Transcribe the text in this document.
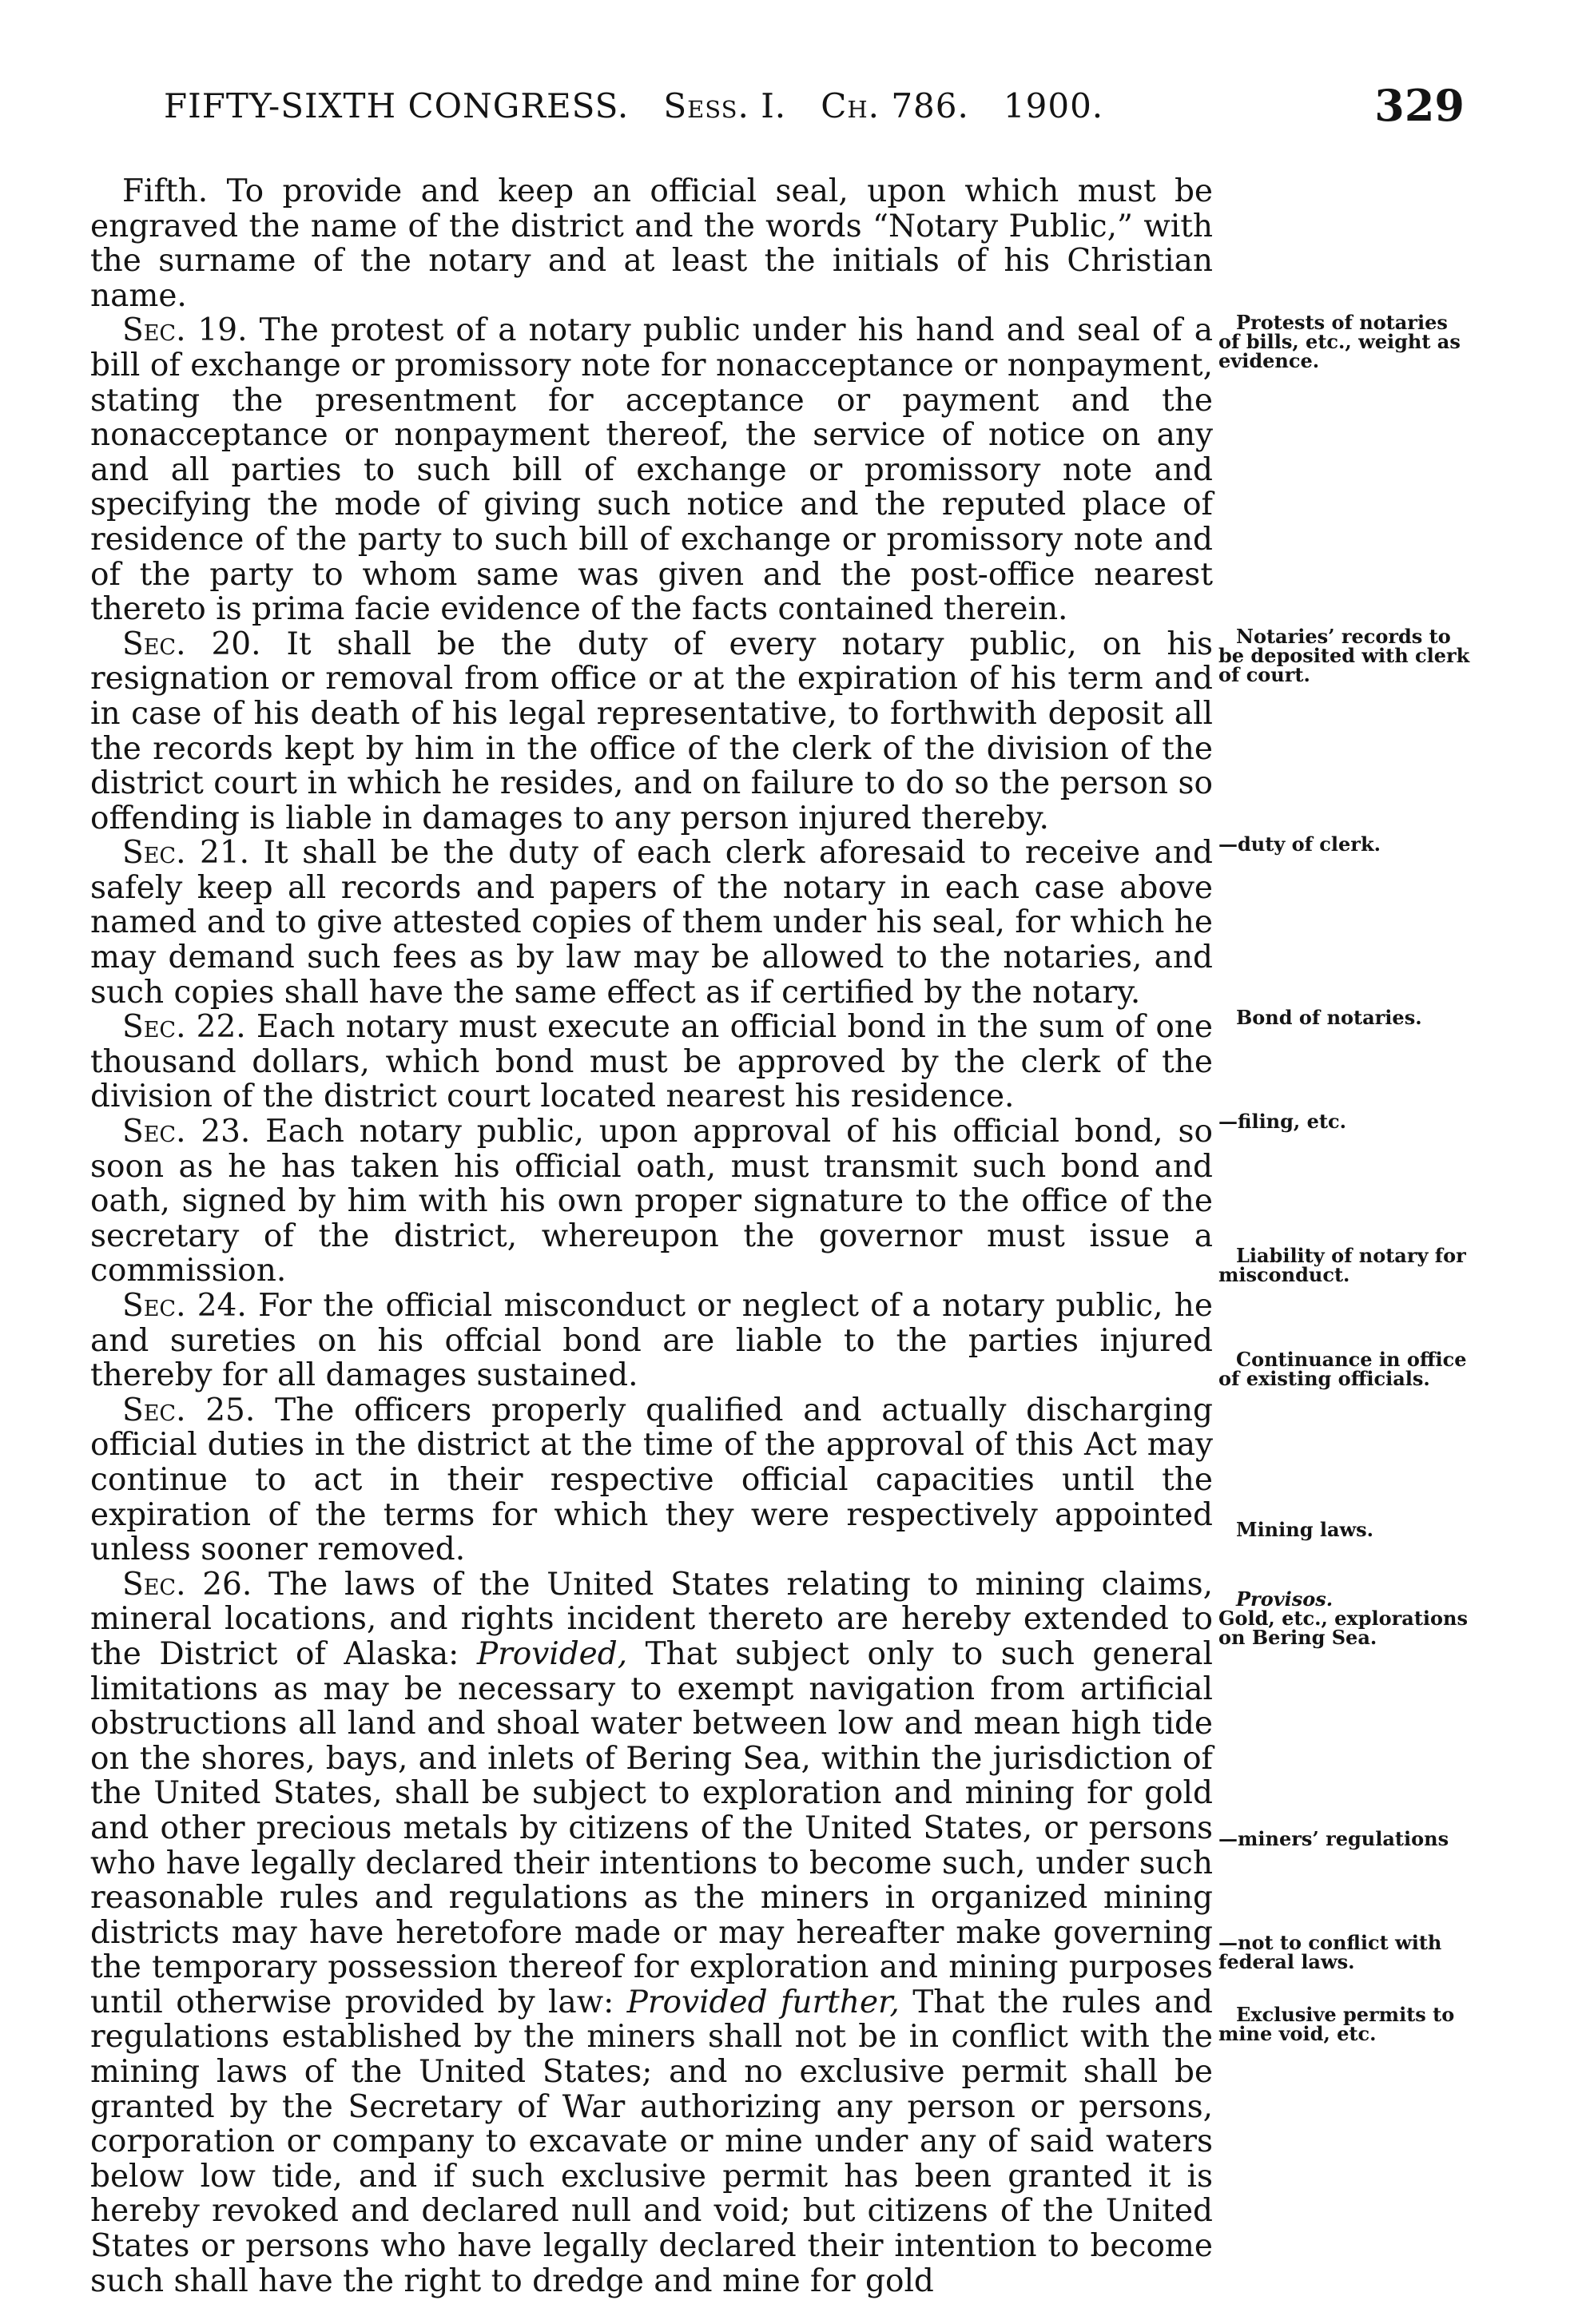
FIFTY-SIXTH CONGRESS. Sess. I. Ch. 786. 1900.	329

Fifth. To provide and keep an official seal, upon which must be engraved the name of the district and the words “Notary Public,” with the surname of the notary and at least the initials of his Christian name.

Sec. 19. The protest of a notary public under his hand and seal of a bill of exchange or promissory note for nonacceptance or nonpayment, stating the presentment for acceptance or payment and the nonacceptance or nonpayment thereof, the service of notice on any and all parties to such bill of exchange or promissory note and specifying the mode of giving such notice and the reputed place of residence of the party to such bill of exchange or promissory note and of the party to whom same was given and the post-office nearest thereto is prima facie evidence of the facts contained therein.

Sec. 20. It shall be the duty of every notary public, on his resignation or removal from office or at the expiration of his term and in case of his death of his legal representative, to forthwith deposit all the records kept by him in the office of the clerk of the division of the district court in which he resides, and on failure to do so the person so offending is liable in damages to any person injured thereby.

Sec. 21. It shall be the duty of each clerk aforesaid to receive and safely keep all records and papers of the notary in each case above named and to give attested copies of them under his seal, for which he may demand such fees as by law may be allowed to the notaries, and such copies shall have the same effect as if certified by the notary.

Sec. 22. Each notary must execute an official bond in the sum of one thousand dollars, which bond must be approved by the clerk of the division of the district court located nearest his residence.

Sec. 23. Each notary public, upon approval of his official bond, so soon as he has taken his official oath, must transmit such bond and oath, signed by him with his own proper signature to the office of the secretary of the district, whereupon the governor must issue a commission.

Sec. 24. For the official misconduct or neglect of a notary public, he and sureties on his offcial bond are liable to the parties injured thereby for all damages sustained.

Sec. 25. The officers properly qualified and actually discharging official duties in the district at the time of the approval of this Act may continue to act in their respective official capacities until the expiration of the terms for which they were respectively appointed unless sooner removed.

Sec. 26. The laws of the United States relating to mining claims, mineral locations, and rights incident thereto are hereby extended to the District of Alaska: Provided, That subject only to such general limitations as may be necessary to exempt navigation from artificial obstructions all land and shoal water between low and mean high tide on the shores, bays, and inlets of Bering Sea, within the jurisdiction of the United States, shall be subject to exploration and mining for gold and other precious metals by citizens of the United States, or persons who have legally declared their intentions to become such, under such reasonable rules and regulations as the miners in organized mining districts may have heretofore made or may hereafter make governing the temporary possession thereof for exploration and mining purposes until otherwise provided by law: Provided further, That the rules and regulations established by the miners shall not be in conflict with the mining laws of the United States; and no exclusive permit shall be granted by the Secretary of War authorizing any person or persons, corporation or company to excavate or mine under any of said waters below low tide, and if such exclusive permit has been granted it is hereby revoked and declared null and void; but citizens of the United States or persons who have legally declared their intention to become such shall have the right to dredge and mine for gold

Protests of notaries of bills, etc., weight as evidence.
Notaries’ records to be deposited with clerk of court.
—duty of clerk.
Bond of notaries.
—filing, etc.
Liability of notary for misconduct.
Continuance in office of existing officials.
Mining laws.
Provisos.
Gold, etc., explorations on Bering Sea.
—miners’ regulations
—not to conflict with federal laws.
Exclusive permits to mine void, etc.
